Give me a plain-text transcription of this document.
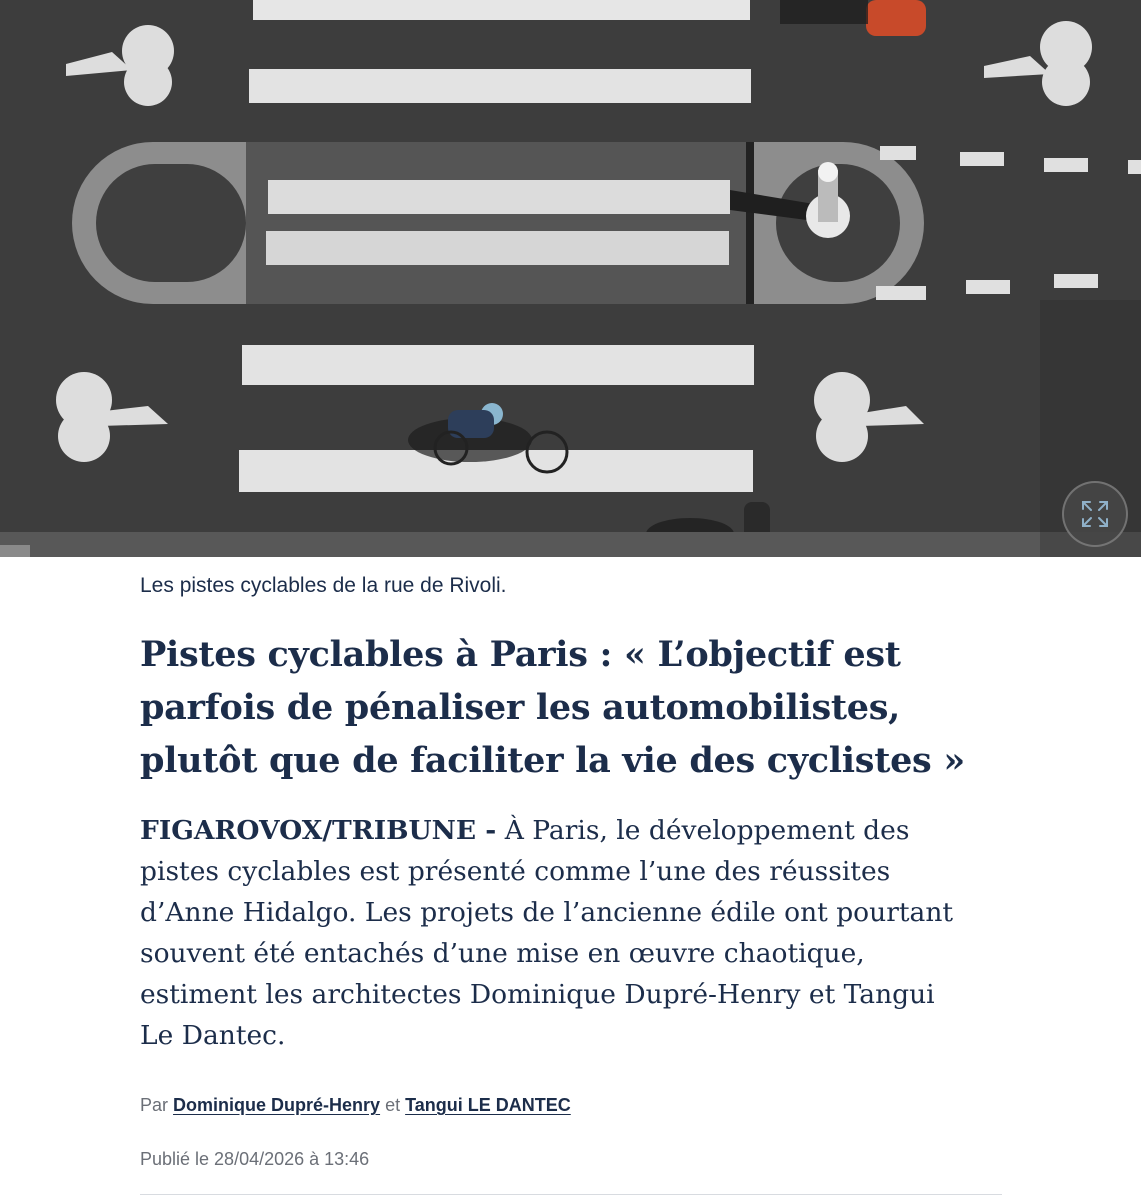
Les pistes cyclables de la rue de Rivoli.

Pistes cyclables à Paris : « L’objectif est parfois de pénaliser les automobilistes, plutôt que de faciliter la vie des cyclistes »

FIGAROVOX/TRIBUNE - À Paris, le développement des pistes cyclables est présenté comme l’une des réussites d’Anne Hidalgo. Les projets de l’ancienne édile ont pourtant souvent été entachés d’une mise en œuvre chaotique, estiment les architectes Dominique Dupré-Henry et Tangui Le Dantec.

Par Dominique Dupré-Henry et Tangui LE DANTEC
Publié le 28/04/2026 à 13:46
